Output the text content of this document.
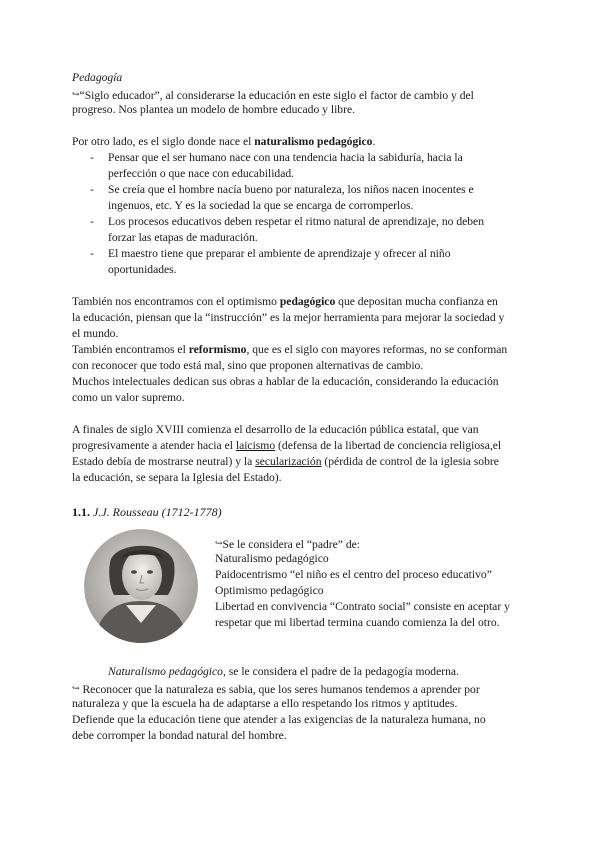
Pedagogía
↪“Siglo educador”, al considerarse la educación en este siglo el factor de cambio y del
progreso. Nos plantea un modelo de hombre educado y libre.
Por otro lado, es el siglo donde nace el naturalismo pedagógico.
- Pensar que el ser humano nace con una tendencia hacia la sabiduría, hacia la
perfección o que nace con educabilidad.
- Se creía que el hombre nacía bueno por naturaleza, los niños nacen inocentes e
ingenuos, etc. Y es la sociedad la que se encarga de corromperlos.
- Los procesos educativos deben respetar el ritmo natural de aprendizaje, no deben
forzar las etapas de maduración.
- El maestro tiene que preparar el ambiente de aprendizaje y ofrecer al niño
oportunidades.
También nos encontramos con el optimismo pedagógico que depositan mucha confianza en
la educación, piensan que la “instrucción” es la mejor herramienta para mejorar la sociedad y
el mundo.
También encontramos el reformismo, que es el siglo con mayores reformas, no se conforman
con reconocer que todo está mal, sino que proponen alternativas de cambio.
Muchos intelectuales dedican sus obras a hablar de la educación, considerando la educación
como un valor supremo.
A finales de siglo XVIII comienza el desarrollo de la educación pública estatal, que van
progresivamente a atender hacia el laicismo (defensa de la libertad de conciencia religiosa,el
Estado debía de mostrarse neutral) y la secularización (pérdida de control de la iglesia sobre
la educación, se separa la Iglesia del Estado).
1.1. J.J. Rousseau (1712-1778)
↪Se le considera el “padre” de:
Naturalismo pedagógico
Paidocentrismo “el niño es el centro del proceso educativo”
Optimismo pedagógico
Libertad en convivencia “Contrato social” consiste en aceptar y
respetar que mi libertad termina cuando comienza la del otro.
Naturalismo pedagógico, se le considera el padre de la pedagogía moderna.
↪ Reconocer que la naturaleza es sabia, que los seres humanos tendemos a aprender por
naturaleza y que la escuela ha de adaptarse a ello respetando los ritmos y aptitudes.
Defiende que la educación tiene que atender a las exigencias de la naturaleza humana, no
debe corromper la bondad natural del hombre.
